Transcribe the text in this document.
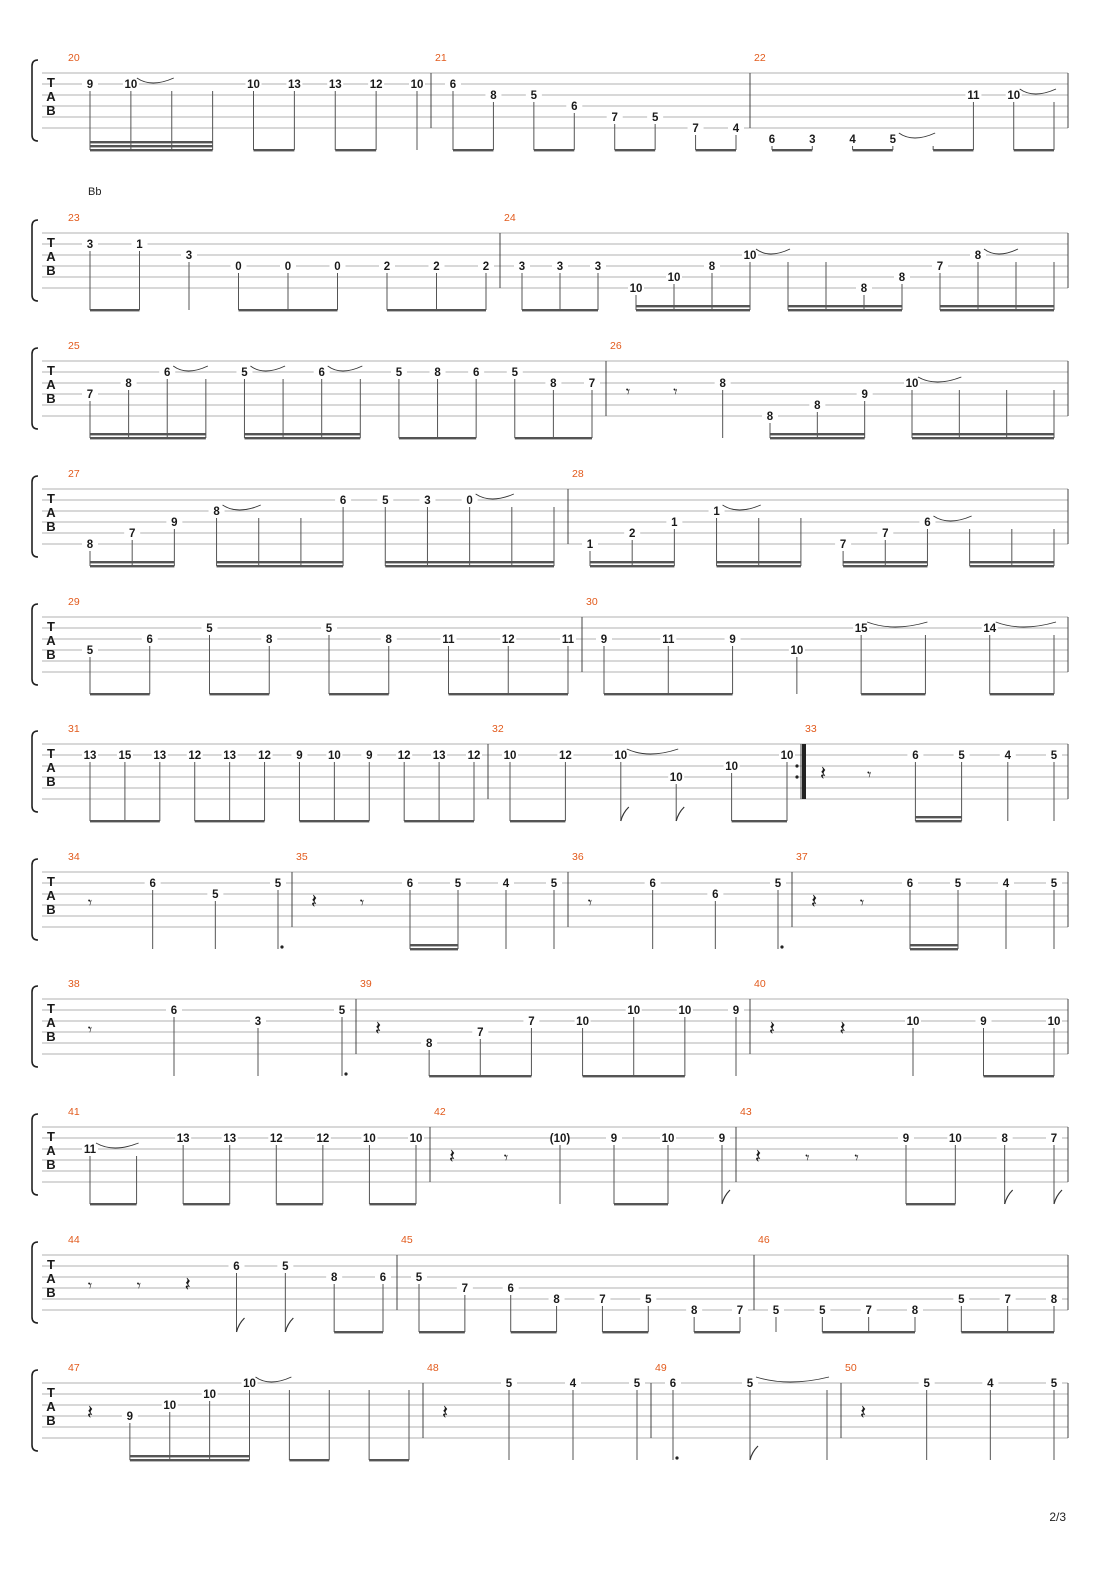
T
A
B
20
9	10	10 13 13 12 10
21
6
8	5
6
7	5
7	4
22
6	3	4	5
11 10
T
A
B
Bb
23
3	1
3
0	0	0	2	2	2
24
3	3	3
10
10
8
10
8
8
7
8
T
A
B
25
7
8
6	5	6	5	8	6	5
8	7
26
𝄾	𝄾	8
8
8
9
10
T
A
B
27
8
7
9
8
6	5	3	0
28
1
2
1
1
7
7
6
T
A
B
29
5
6
5
8
5
8	11	12	11
30
9	11	9
10
15	14
T
A
B
31
13 15 13 12 13 12 9 10 9 12 13 12
32
10	12	10
10
10
10
33
𝄽	𝄾
6	5	4	5
T
A
B
34
𝄾
6
5
5
35
𝄽	𝄾
6	5	4	5
36
𝄾
6
6
5
37
𝄽	𝄾
6	5	4	5
T
A
B
38
𝄾
6
3
5
39
𝄽
8
7
7	10
10	10	9
40
𝄽	𝄽	10	9	10
T
A
B
41
11
13	13	12	12	10	10
42
𝄽	𝄾
(10)	9	10	9
43
𝄽	𝄾	𝄾
9	10	8	7
T
A
B
44
𝄾	𝄾 𝄽
6	5
8	6
45
5
7	6
8	7	5
8	7
46
5	5	7	8
5	7	8
T
A
B
47
𝄽	9
10
10
10
48
𝄽
5	4	5
49
6	5
50
𝄽
5	4	5
2/3
